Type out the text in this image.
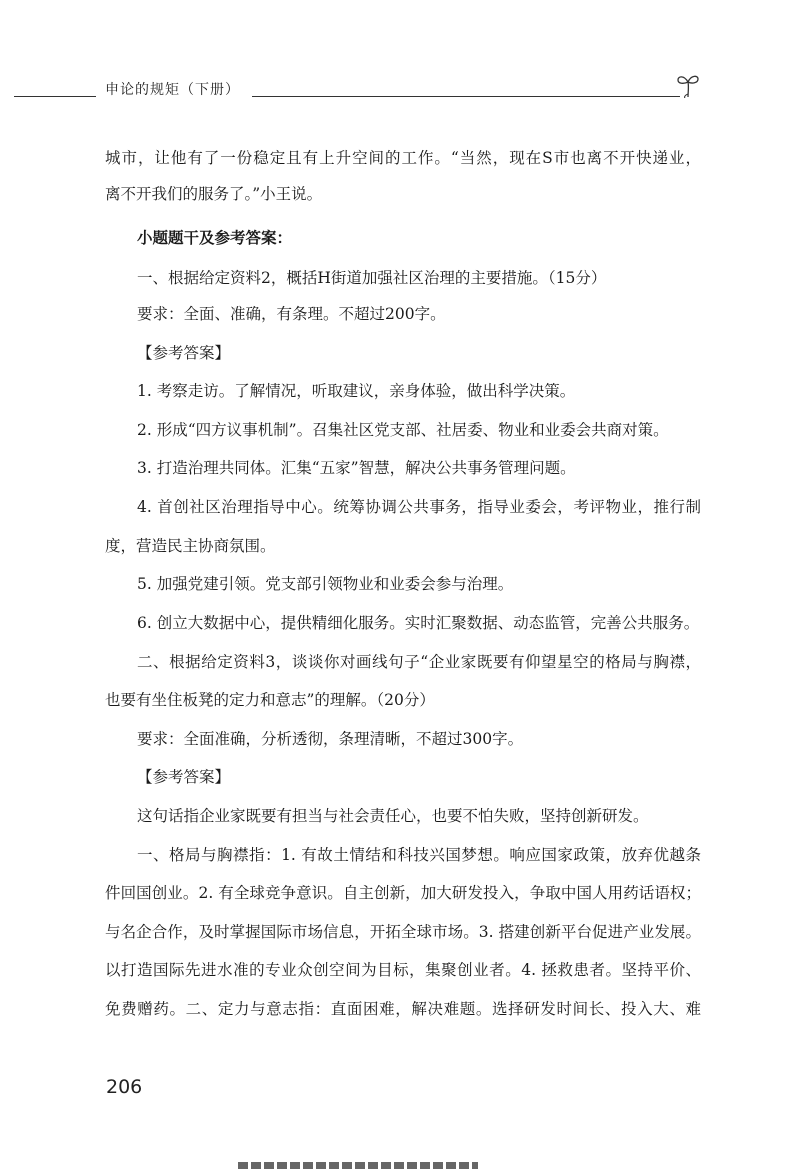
申论的规矩（下册）
城市，让他有了一份稳定且有上升空间的工作。“当然，现在S市也离不开快递业，
离不开我们的服务了。”小王说。
小题题干及参考答案：
一、根据给定资料2，概括H街道加强社区治理的主要措施。（15分）
要求：全面、准确，有条理。不超过200字。
【参考答案】
1. 考察走访。了解情况，听取建议，亲身体验，做出科学决策。
2. 形成“四方议事机制”。召集社区党支部、社居委、物业和业委会共商对策。
3. 打造治理共同体。汇集“五家”智慧，解决公共事务管理问题。
4. 首创社区治理指导中心。统筹协调公共事务，指导业委会，考评物业，推行制
度，营造民主协商氛围。
5. 加强党建引领。党支部引领物业和业委会参与治理。
6. 创立大数据中心，提供精细化服务。实时汇聚数据、动态监管，完善公共服务。
二、根据给定资料3，谈谈你对画线句子“企业家既要有仰望星空的格局与胸襟，
也要有坐住板凳的定力和意志”的理解。（20分）
要求：全面准确，分析透彻，条理清晰，不超过300字。
【参考答案】
这句话指企业家既要有担当与社会责任心，也要不怕失败，坚持创新研发。
一、格局与胸襟指：1. 有故土情结和科技兴国梦想。响应国家政策，放弃优越条
件回国创业。2. 有全球竞争意识。自主创新，加大研发投入，争取中国人用药话语权；
与名企合作，及时掌握国际市场信息，开拓全球市场。3. 搭建创新平台促进产业发展。
以打造国际先进水准的专业众创空间为目标，集聚创业者。4. 拯救患者。坚持平价、
免费赠药。二、定力与意志指：直面困难，解决难题。选择研发时间长、投入大、难
206
